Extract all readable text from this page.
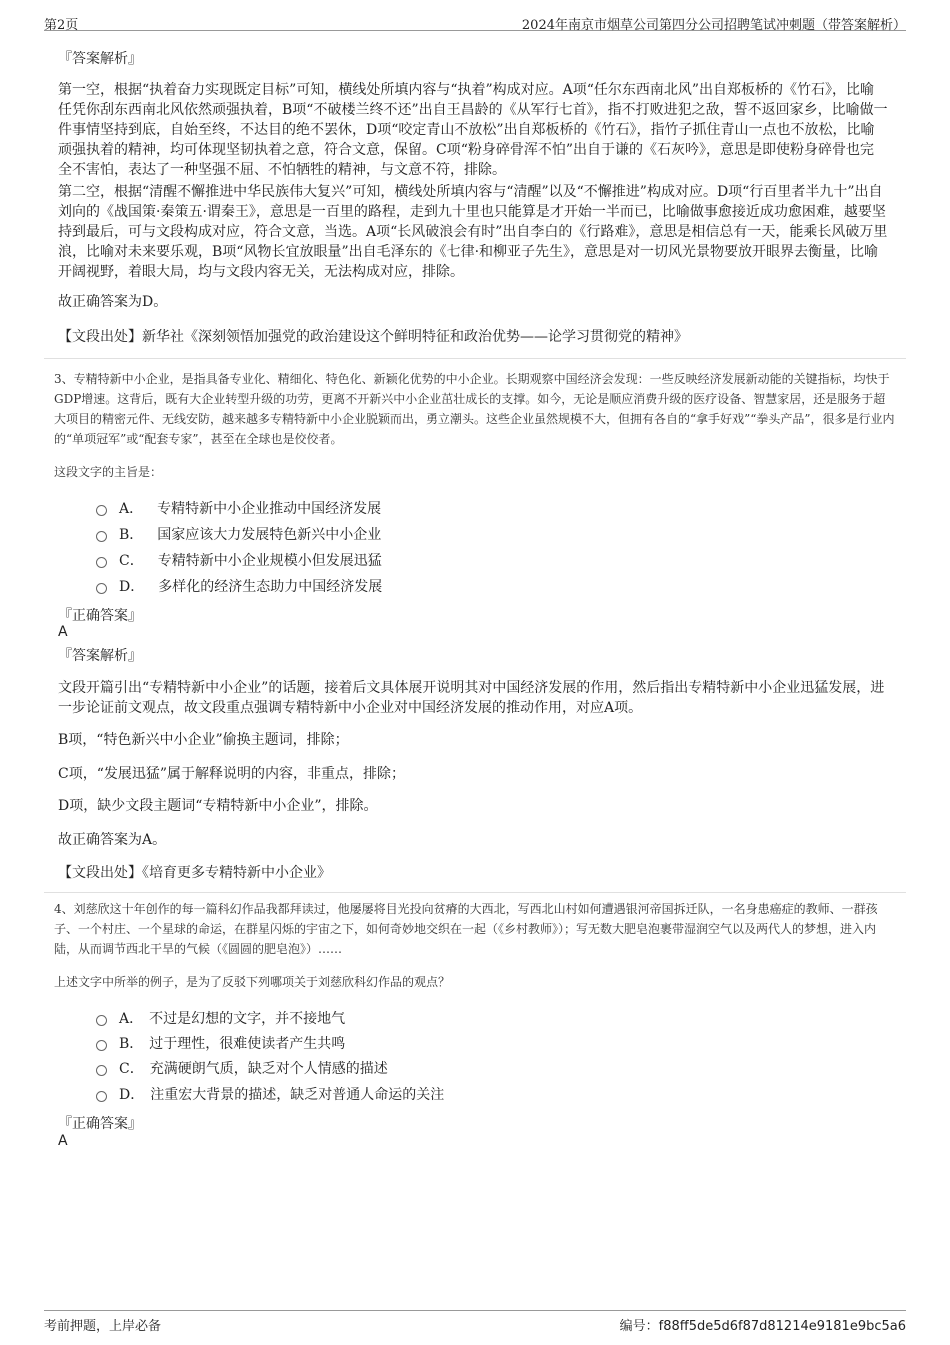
第2页	2024年南京市烟草公司第四分公司招聘笔试冲刺题（带答案解析）
『答案解析』
第一空，根据“执着奋力实现既定目标”可知，横线处所填内容与“执着”构成对应。A项“任尔东西南北风”出自郑板桥的《竹石》，比喻任凭你刮东西南北风依然顽强执着，B项“不破楼兰终不还”出自王昌龄的《从军行七首》，指不打败进犯之敌，誓不返回家乡，比喻做一件事情坚持到底，自始至终，不达目的绝不罢休，D项“咬定青山不放松”出自郑板桥的《竹石》，指竹子抓住青山一点也不放松，比喻顽强执着的精神，均可体现坚韧执着之意，符合文意，保留。C项“粉身碎骨浑不怕”出自于谦的《石灰吟》，意思是即使粉身碎骨也完全不害怕，表达了一种坚强不屈、不怕牺牲的精神，与文意不符，排除。
第二空，根据“清醒不懈推进中华民族伟大复兴”可知，横线处所填内容与“清醒”以及“不懈推进”构成对应。D项“行百里者半九十”出自刘向的《战国策·秦策五·谓秦王》，意思是一百里的路程，走到九十里也只能算是才开始一半而已，比喻做事愈接近成功愈困难，越要坚持到最后，可与文段构成对应，符合文意，当选。A项“长风破浪会有时”出自李白的《行路难》，意思是相信总有一天，能乘长风破万里浪，比喻对未来要乐观，B项“风物长宜放眼量”出自毛泽东的《七律·和柳亚子先生》，意思是对一切风光景物要放开眼界去衡量，比喻开阔视野，着眼大局，均与文段内容无关，无法构成对应，排除。
故正确答案为D。
【文段出处】新华社《深刻领悟加强党的政治建设这个鲜明特征和政治优势——论学习贯彻党的精神》
3、专精特新中小企业，是指具备专业化、精细化、特色化、新颖化优势的中小企业。长期观察中国经济会发现：一些反映经济发展新动能的关键指标，均快于GDP增速。这背后，既有大企业转型升级的功劳，更离不开新兴中小企业茁壮成长的支撑。如今，无论是顺应消费升级的医疗设备、智慧家居，还是服务于超大项目的精密元件、无线安防，越来越多专精特新中小企业脱颖而出，勇立潮头。这些企业虽然规模不大，但拥有各自的“拿手好戏”“拳头产品”，很多是行业内的“单项冠军”或“配套专家”，甚至在全球也是佼佼者。
这段文字的主旨是：
A． 专精特新中小企业推动中国经济发展
B． 国家应该大力发展特色新兴中小企业
C． 专精特新中小企业规模小但发展迅猛
D． 多样化的经济生态助力中国经济发展
『正确答案』
A
『答案解析』
文段开篇引出“专精特新中小企业”的话题，接着后文具体展开说明其对中国经济发展的作用，然后指出专精特新中小企业迅猛发展，进一步论证前文观点，故文段重点强调专精特新中小企业对中国经济发展的推动作用，对应A项。
B项，“特色新兴中小企业”偷换主题词，排除；
C项，“发展迅猛”属于解释说明的内容，非重点，排除；
D项，缺少文段主题词“专精特新中小企业”，排除。
故正确答案为A。
【文段出处】《培育更多专精特新中小企业》
4、刘慈欣这十年创作的每一篇科幻作品我都拜读过，他屡屡将目光投向贫瘠的大西北，写西北山村如何遭遇银河帝国拆迁队，一名身患癌症的教师、一群孩子、一个村庄、一个星球的命运，在群星闪烁的宇宙之下，如何奇妙地交织在一起（《乡村教师》）；写无数大肥皂泡裹带湿润空气以及两代人的梦想，进入内陆，从而调节西北干旱的气候（《圆圆的肥皂泡》）……
上述文字中所举的例子，是为了反驳下列哪项关于刘慈欣科幻作品的观点？
A． 不过是幻想的文字，并不接地气
B． 过于理性，很难使读者产生共鸣
C． 充满硬朗气质，缺乏对个人情感的描述
D． 注重宏大背景的描述，缺乏对普通人命运的关注
『正确答案』
A
考前押题，上岸必备	编号：f88ff5de5d6f87d81214e9181e9bc5a6
